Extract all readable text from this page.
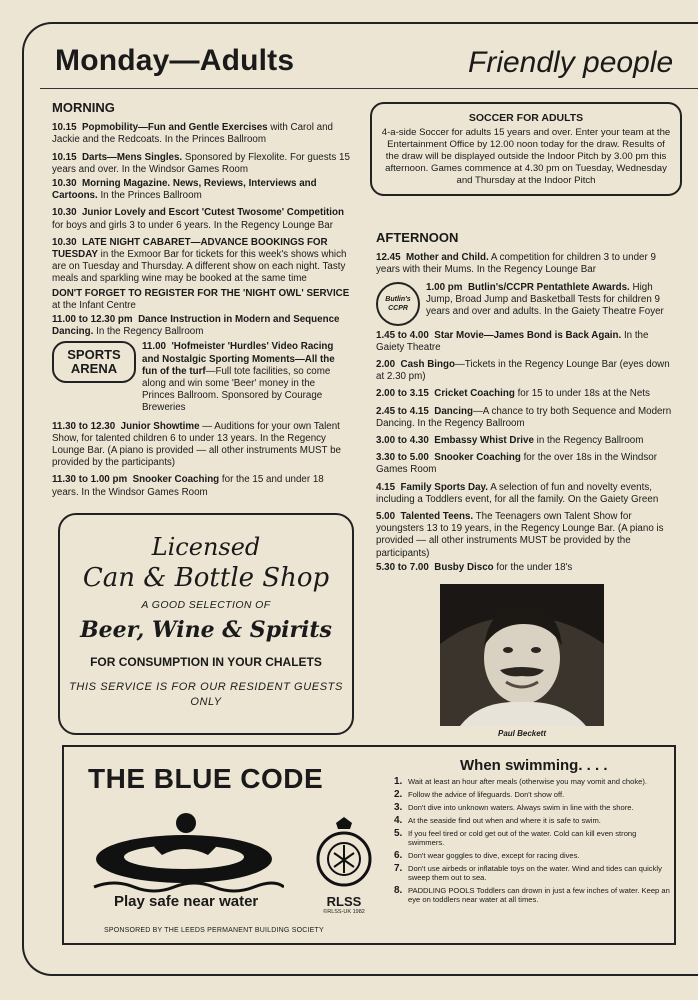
Monday—Adults	Friendly people
MORNING
10.15 Popmobility—Fun and Gentle Exercises with Carol and Jackie and the Redcoats. In the Princes Ballroom
10.15 Darts—Mens Singles. Sponsored by Flexolite. For guests 15 years and over. In the Windsor Games Room
10.30 Morning Magazine. News, Reviews, Interviews and Cartoons. In the Princes Ballroom
10.30 Junior Lovely and Escort 'Cutest Twosome' Competition for boys and girls 3 to under 6 years. In the Regency Lounge Bar
10.30 LATE NIGHT CABARET—ADVANCE BOOKINGS FOR TUESDAY in the Exmoor Bar for tickets for this week's shows which are on Tuesday and Thursday. A different show on each night. Tasty meals and sparkling wine may be booked at the same time
DON'T FORGET TO REGISTER FOR THE 'NIGHT OWL' SERVICE at the Infant Centre
11.00 to 12.30 pm Dance Instruction in Modern and Sequence Dancing. In the Regency Ballroom
SPORTS ARENA
11.00 'Hofmeister 'Hurdles' Video Racing and Nostalgic Sporting Moments—All the fun of the turf—Full tote facilities, so come along and win some 'Beer' money in the Princes Ballroom. Sponsored by Courage Breweries
11.30 to 12.30 Junior Showtime — Auditions for your own Talent Show, for talented children 6 to under 13 years. In the Regency Lounge Bar. (A piano is provided — all other instruments MUST be provided by the participants)
11.30 to 1.00 pm Snooker Coaching for the 15 and under 18 years. In the Windsor Games Room
SOCCER FOR ADULTS
4-a-side Soccer for adults 15 years and over. Enter your team at the Entertainment Office by 12.00 noon today for the draw. Results of the draw will be displayed outside the Indoor Pitch by 3.00 pm this afternoon. Games commence at 4.30 pm on Tuesday, Wednesday and Thursday at the Indoor Pitch
AFTERNOON
12.45 Mother and Child. A competition for children 3 to under 9 years with their Mums. In the Regency Lounge Bar
Butlin's CCPR
1.00 pm Butlin's/CCPR Pentathlete Awards. High Jump, Broad Jump and Basketball Tests for children 9 years and over and adults. In the Gaiety Theatre Foyer
1.45 to 4.00 Star Movie—James Bond is Back Again. In the Gaiety Theatre
2.00 Cash Bingo—Tickets in the Regency Lounge Bar (eyes down at 2.30 pm)
2.00 to 3.15 Cricket Coaching for 15 to under 18s at the Nets
2.45 to 4.15 Dancing—A chance to try both Sequence and Modern Dancing. In the Regency Ballroom
3.00 to 4.30 Embassy Whist Drive in the Regency Ballroom
3.30 to 5.00 Snooker Coaching for the over 18s in the Windsor Games Room
4.15 Family Sports Day. A selection of fun and novelty events, including a Toddlers event, for all the family. On the Gaiety Green
5.00 Talented Teens. The Teenagers own Talent Show for youngsters 13 to 19 years, in the Regency Lounge Bar. (A piano is provided — all other instruments MUST be provided by the participants)
5.30 to 7.00 Busby Disco for the under 18's
Licensed
Can & Bottle Shop
A GOOD SELECTION OF
Beer, Wine & Spirits
FOR CONSUMPTION IN YOUR CHALETS
THIS SERVICE IS FOR OUR RESIDENT GUESTS ONLY
Paul Beckett
THE BLUE CODE
Play safe near water
SPONSORED BY THE LEEDS PERMANENT BUILDING SOCIETY
RLSS
©RLSS-UK 1982
When swimming. . . .
1. Wait at least an hour after meals (otherwise you may vomit and choke).
2. Follow the advice of lifeguards. Don't show off.
3. Don't dive into unknown waters. Always swim in line with the shore.
4. At the seaside find out when and where it is safe to swim.
5. If you feel tired or cold get out of the water. Cold can kill even strong swimmers.
6. Don't wear goggles to dive, except for racing dives.
7. Don't use airbeds or inflatable toys on the water. Wind and tides can quickly sweep them out to sea.
8. PADDLING POOLS Toddlers can drown in just a few inches of water. Keep an eye on toddlers near water at all times.
